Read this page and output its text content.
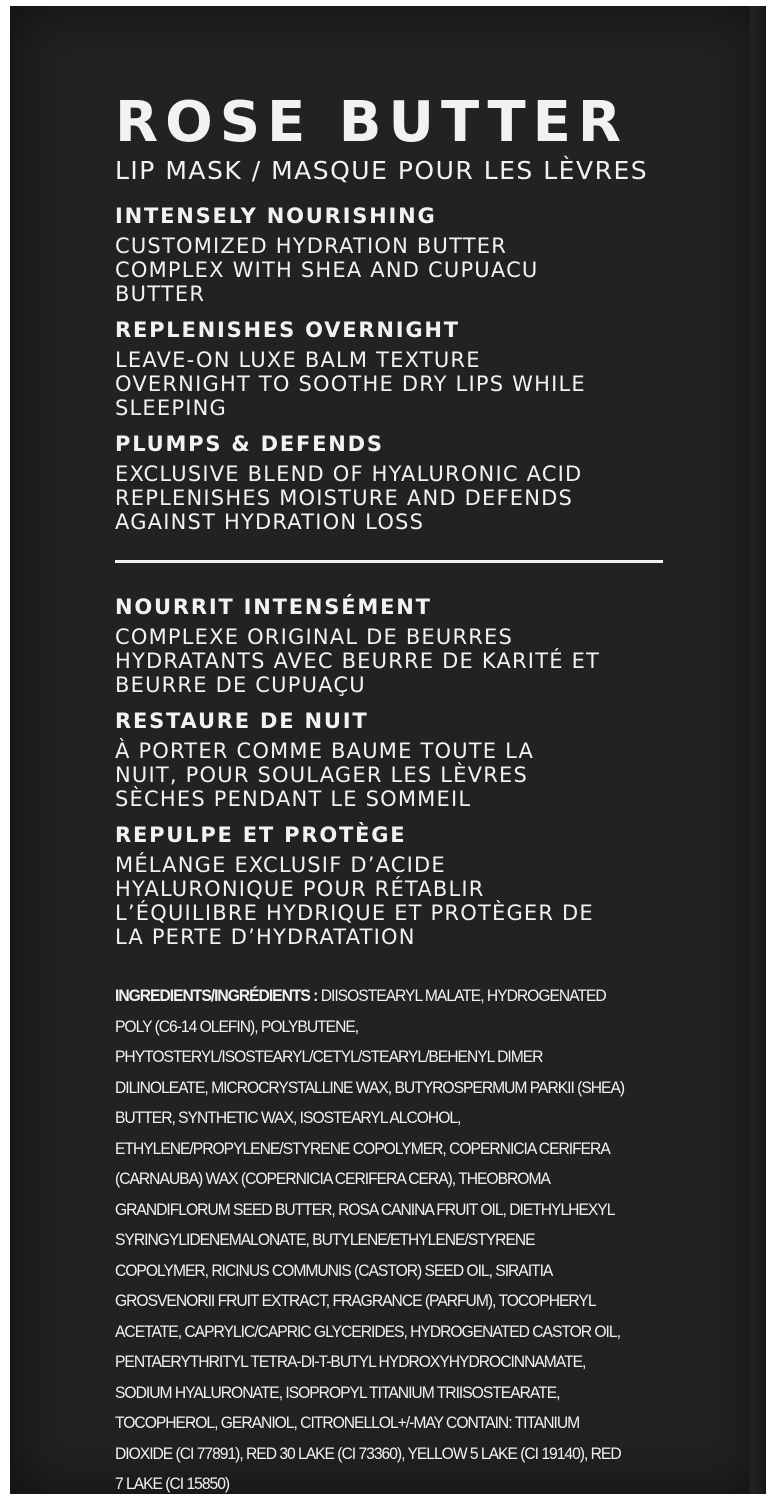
ROSE BUTTER

LIP MASK / MASQUE POUR LES LÈVRES

INTENSELY NOURISHING

CUSTOMIZED HYDRATION BUTTER
COMPLEX WITH SHEA AND CUPUACU
BUTTER

REPLENISHES OVERNIGHT

LEAVE-ON LUXE BALM TEXTURE
OVERNIGHT TO SOOTHE DRY LIPS WHILE
SLEEPING

PLUMPS & DEFENDS

EXCLUSIVE BLEND OF HYALURONIC ACID
REPLENISHES MOISTURE AND DEFENDS
AGAINST HYDRATION LOSS

NOURRIT INTENSÉMENT

COMPLEXE ORIGINAL DE BEURRES
HYDRATANTS AVEC BEURRE DE KARITÉ ET
BEURRE DE CUPUAÇU

RESTAURE DE NUIT

À PORTER COMME BAUME TOUTE LA
NUIT, POUR SOULAGER LES LÈVRES
SÈCHES PENDANT LE SOMMEIL

REPULPE ET PROTÈGE

MÉLANGE EXCLUSIF D’ACIDE
HYALURONIQUE POUR RÉTABLIR
L’ÉQUILIBRE HYDRIQUE ET PROTÈGER DE
LA PERTE D’HYDRATATION

INGREDIENTS/INGRÉDIENTS : DIISOSTEARYL MALATE, HYDROGENATED POLY (C6-14 OLEFIN), POLYBUTENE, PHYTOSTERYL/ISOSTEARYL/CETYL/STEARYL/BEHENYL DIMER DILINOLEATE, MICROCRYSTALLINE WAX, BUTYROSPERMUM PARKII (SHEA) BUTTER, SYNTHETIC WAX, ISOSTEARYL ALCOHOL, ETHYLENE/PROPYLENE/STYRENE COPOLYMER, COPERNICIA CERIFERA (CARNAUBA) WAX (COPERNICIA CERIFERA CERA), THEOBROMA GRANDIFLORUM SEED BUTTER, ROSA CANINA FRUIT OIL, DIETHYLHEXYL SYRINGYLIDENEMALONATE, BUTYLENE/ETHYLENE/STYRENE COPOLYMER, RICINUS COMMUNIS (CASTOR) SEED OIL, SIRAITIA GROSVENORII FRUIT EXTRACT, FRAGRANCE (PARFUM), TOCOPHERYL ACETATE, CAPRYLIC/CAPRIC GLYCERIDES, HYDROGENATED CASTOR OIL, PENTAERYTHRITYL TETRA-DI-T-BUTYL HYDROXYHYDROCINNAMATE, SODIUM HYALURONATE, ISOPROPYL TITANIUM TRIISOSTEARATE, TOCOPHEROL, GERANIOL, CITRONELLOL+/-MAY CONTAIN: TITANIUM DIOXIDE (CI 77891), RED 30 LAKE (CI 73360), YELLOW 5 LAKE (CI 19140), RED 7 LAKE (CI 15850)
